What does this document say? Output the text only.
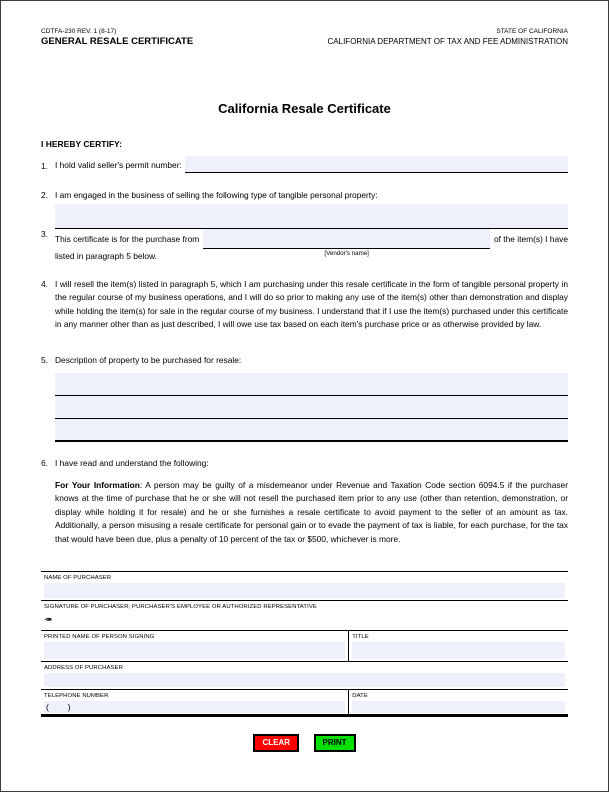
CDTFA-230 REV. 1 (8-17)
GENERAL RESALE CERTIFICATE
STATE OF CALIFORNIA
CALIFORNIA DEPARTMENT OF TAX AND FEE ADMINISTRATION
California Resale Certificate
I HEREBY CERTIFY:
1. I hold valid seller's permit number:
2. I am engaged in the business of selling the following type of tangible personal property:
3. This certificate is for the purchase from
[Vendor's name]
of the item(s) I have
listed in paragraph 5 below.
4. I will resell the item(s) listed in paragraph 5, which I am purchasing under this resale certificate in the form of tangible personal property in the regular course of my business operations, and I will do so prior to making any use of the item(s) other than demonstration and display while holding the item(s) for sale in the regular course of my business. I understand that if I use the item(s) purchased under this certificate in any manner other than as just described, I will owe use tax based on each item's purchase price or as otherwise provided by law.
5. Description of property to be purchased for resale:
6. I have read and understand the following:
For Your Information: A person may be guilty of a misdemeanor under Revenue and Taxation Code section 6094.5 if the purchaser knows at the time of purchase that he or she will not resell the purchased item prior to any use (other than retention, demonstration, or display while holding it for resale) and he or she furnishes a resale certificate to avoid payment to the seller of an amount as tax. Additionally, a person misusing a resale certificate for personal gain or to evade the payment of tax is liable, for each purchase, for the tax that would have been due, plus a penalty of 10 percent of the tax or $500, whichever is more.
NAME OF PURCHASER
SIGNATURE OF PURCHASER, PURCHASER'S EMPLOYEE OR AUTHORIZED REPRESENTATIVE
✒
PRINTED NAME OF PERSON SIGNING	TITLE
ADDRESS OF PURCHASER
TELEPHONE NUMBER
(        )
DATE
CLEAR	PRINT
